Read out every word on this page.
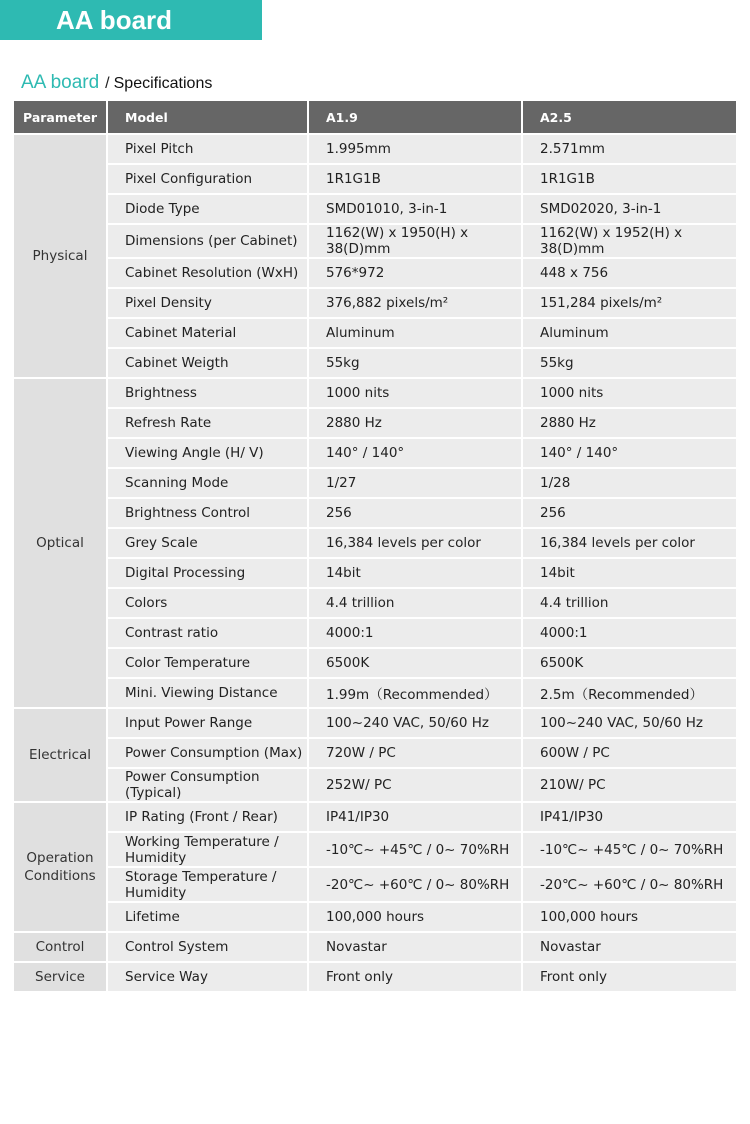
AA board
AA board / Specifications
Parameter	Model	A1.9	A2.5
Physical	Pixel Pitch	1.995mm	2.571mm
	Pixel Configuration	1R1G1B	1R1G1B
	Diode Type	SMD01010, 3-in-1	SMD02020, 3-in-1
	Dimensions (per Cabinet)	1162(W) x 1950(H) x 38(D)mm	1162(W) x 1952(H) x 38(D)mm
	Cabinet Resolution (WxH)	576*972	448 x 756
	Pixel Density	376,882 pixels/m²	151,284 pixels/m²
	Cabinet Material	Aluminum	Aluminum
	Cabinet Weigth	55kg	55kg
Optical	Brightness	1000 nits	1000 nits
	Refresh Rate	2880 Hz	2880 Hz
	Viewing Angle (H/ V)	140° / 140°	140° / 140°
	Scanning Mode	1/27	1/28
	Brightness Control	256	256
	Grey Scale	16,384 levels per color	16,384 levels per color
	Digital Processing	14bit	14bit
	Colors	4.4 trillion	4.4 trillion
	Contrast ratio	4000:1	4000:1
	Color Temperature	6500K	6500K
	Mini. Viewing Distance	1.99m（Recommended）	2.5m（Recommended）
Electrical	Input Power Range	100~240 VAC, 50/60 Hz	100~240 VAC, 50/60 Hz
	Power Consumption (Max)	720W / PC	600W / PC
	Power Consumption (Typical)	252W/ PC	210W/ PC
Operation Conditions	IP Rating (Front / Rear)	IP41/IP30	IP41/IP30
	Working Temperature / Humidity	-10℃~ +45℃ / 0~ 70%RH	-10℃~ +45℃ / 0~ 70%RH
	Storage Temperature / Humidity	-20℃~ +60℃ / 0~ 80%RH	-20℃~ +60℃ / 0~ 80%RH
	Lifetime	100,000 hours	100,000 hours
Control	Control System	Novastar	Novastar
Service	Service Way	Front only	Front only
